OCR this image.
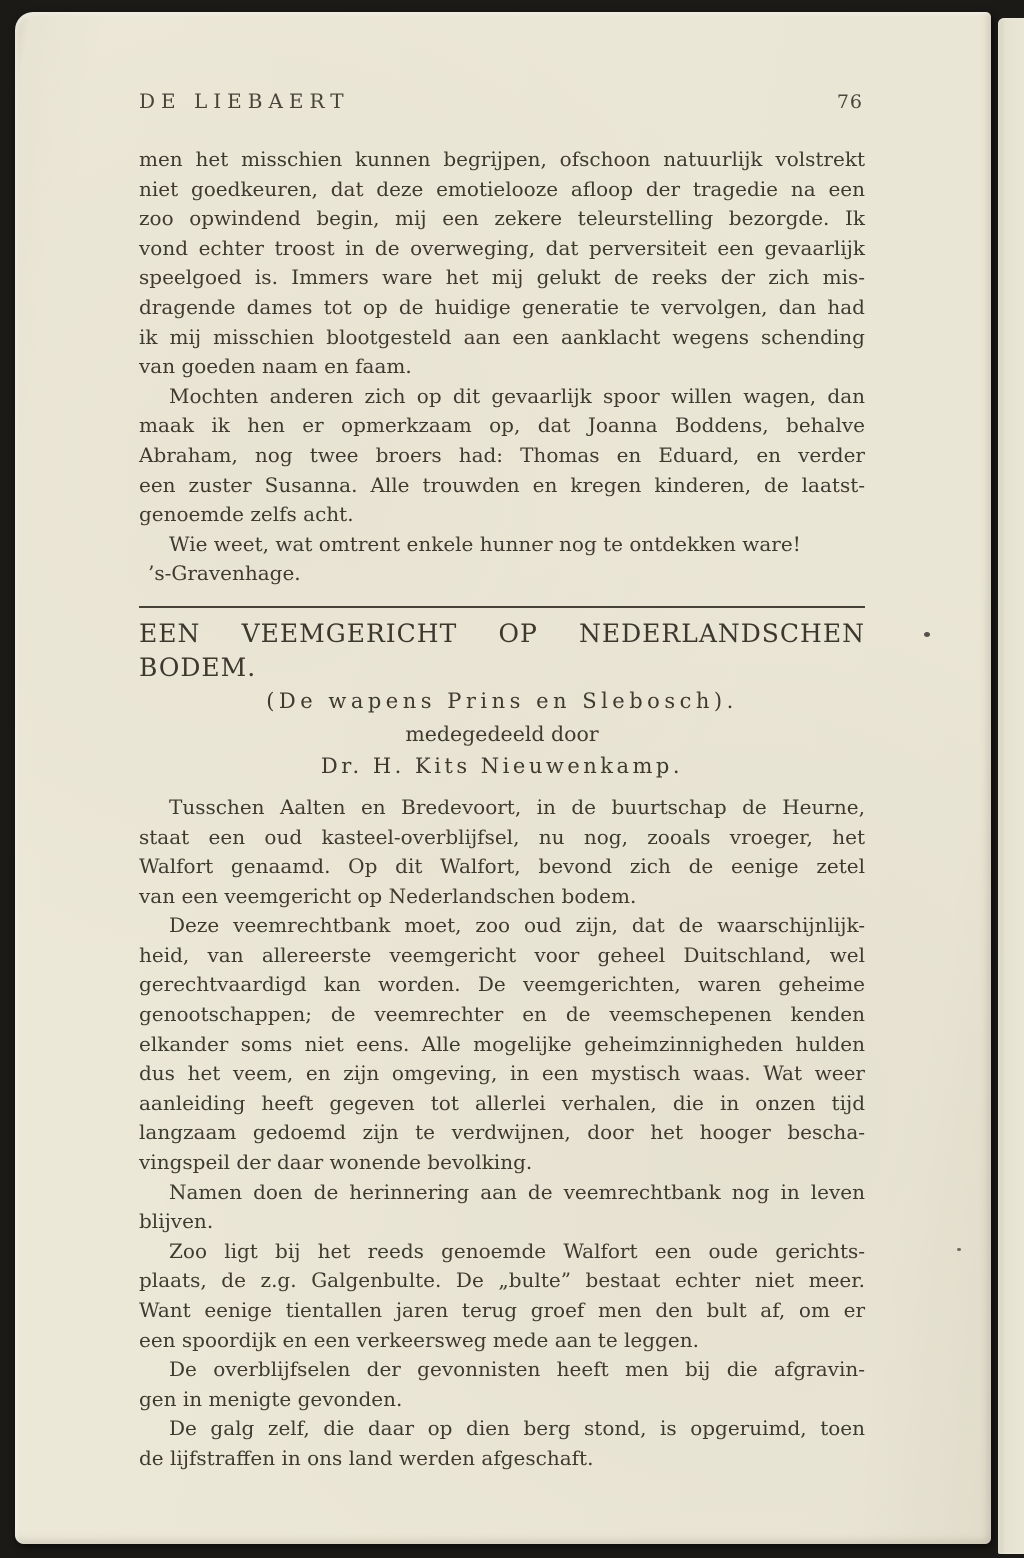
DE LIEBAERT	76
men het misschien kunnen begrijpen, ofschoon natuurlijk volstrekt
niet goedkeuren, dat deze emotielooze afloop der tragedie na een
zoo opwindend begin, mij een zekere teleurstelling bezorgde. Ik
vond echter troost in de overweging, dat perversiteit een gevaarlijk
speelgoed is. Immers ware het mij gelukt de reeks der zich mis-
dragende dames tot op de huidige generatie te vervolgen, dan had
ik mij misschien blootgesteld aan een aanklacht wegens schending
van goeden naam en faam.
Mochten anderen zich op dit gevaarlijk spoor willen wagen, dan
maak ik hen er opmerkzaam op, dat Joanna Boddens, behalve
Abraham, nog twee broers had: Thomas en Eduard, en verder
een zuster Susanna. Alle trouwden en kregen kinderen, de laatst-
genoemde zelfs acht.
Wie weet, wat omtrent enkele hunner nog te ontdekken ware!
’s-Gravenhage.
EEN VEEMGERICHT OP NEDERLANDSCHEN BODEM.
(De wapens Prins en Slebosch).
medegedeeld door
Dr. H. Kits Nieuwenkamp.
Tusschen Aalten en Bredevoort, in de buurtschap de Heurne,
staat een oud kasteel-overblijfsel, nu nog, zooals vroeger, het
Walfort genaamd. Op dit Walfort, bevond zich de eenige zetel
van een veemgericht op Nederlandschen bodem.
Deze veemrechtbank moet, zoo oud zijn, dat de waarschijnlijk-
heid, van allereerste veemgericht voor geheel Duitschland, wel
gerechtvaardigd kan worden. De veemgerichten, waren geheime
genootschappen; de veemrechter en de veemschepenen kenden
elkander soms niet eens. Alle mogelijke geheimzinnigheden hulden
dus het veem, en zijn omgeving, in een mystisch waas. Wat weer
aanleiding heeft gegeven tot allerlei verhalen, die in onzen tijd
langzaam gedoemd zijn te verdwijnen, door het hooger bescha-
vingspeil der daar wonende bevolking.
Namen doen de herinnering aan de veemrechtbank nog in leven
blijven.
Zoo ligt bij het reeds genoemde Walfort een oude gerichts-
plaats, de z.g. Galgenbulte. De „bulte” bestaat echter niet meer.
Want eenige tientallen jaren terug groef men den bult af, om er
een spoordijk en een verkeersweg mede aan te leggen.
De overblijfselen der gevonnisten heeft men bij die afgravin-
gen in menigte gevonden.
De galg zelf, die daar op dien berg stond, is opgeruimd, toen
de lijfstraffen in ons land werden afgeschaft.
